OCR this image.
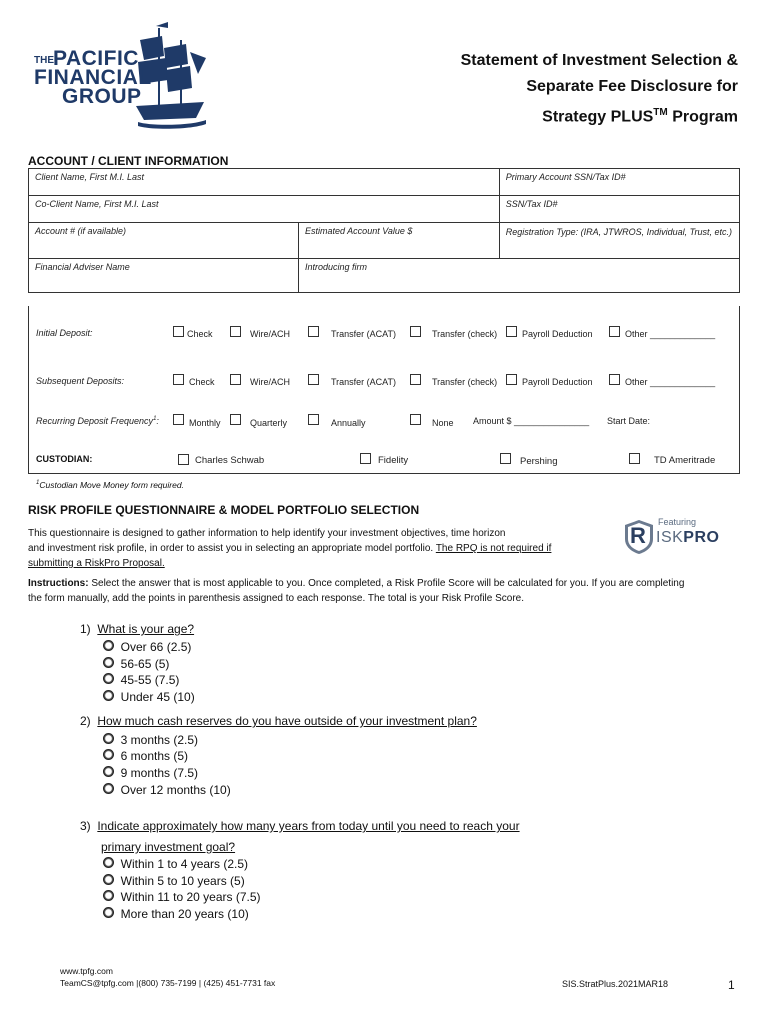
THE PACIFIC
FINANCIAL
GROUP
Statement of Investment Selection &
Separate Fee Disclosure for
Strategy PLUS™ Program
ACCOUNT / CLIENT INFORMATION
Client Name, First M.I. Last		Primary Account SSN/Tax ID#
Co-Client Name, First M.I. Last		SSN/Tax ID#
Account # (if available)	Estimated Account Value $	Registration Type: (IRA, JTWROS, Individual, Trust, etc.)
Financial Adviser Name	Introducing firm	
Initial Deposit:	Check	Wire/ACH	Transfer (ACAT)	Transfer (check)	Payroll Deduction	Other _____________
Subsequent Deposits:	Check	Wire/ACH	Transfer (ACAT)	Transfer (check)	Payroll Deduction	Other _____________
Recurring Deposit Frequency$^1$:	Monthly	Quarterly	Annually	None Amount $ _______________ Start Date:
CUSTODIAN:	Charles Schwab	Fidelity	Pershing	TD Ameritrade
$^1$Custodian Move Money form required.
RISK PROFILE QUESTIONNAIRE & MODEL PORTFOLIO SELECTION
This questionnaire is designed to gather information to help identify your investment objectives, time horizon
and investment risk profile, in order to assist you in selecting an appropriate model portfolio. The RPQ is not required if
submitting a RiskPro Proposal.
R
Featuring
ISKPRO
Instructions: Select the answer that is most applicable to you. Once completed, a Risk Profile Score will be calculated for you. If you are completing
the form manually, add the points in parenthesis assigned to each response. The total is your Risk Profile Score.
1) What is your age?
Over 66 (2.5)
56-65 (5)
45-55 (7.5)
Under 45 (10)
2) How much cash reserves do you have outside of your investment plan?
3 months (2.5)
6 months (5)
9 months (7.5)
Over 12 months (10)
3) Indicate approximately how many years from today until you need to reach your
primary investment goal?
Within 1 to 4 years (2.5)
Within 5 to 10 years (5)
Within 11 to 20 years (7.5)
More than 20 years (10)
www.tpfg.com
TeamCS@tpfg.com |(800) 735-7199 | (425) 451-7731 fax	SIS.StratPlus.2021MAR18	1
